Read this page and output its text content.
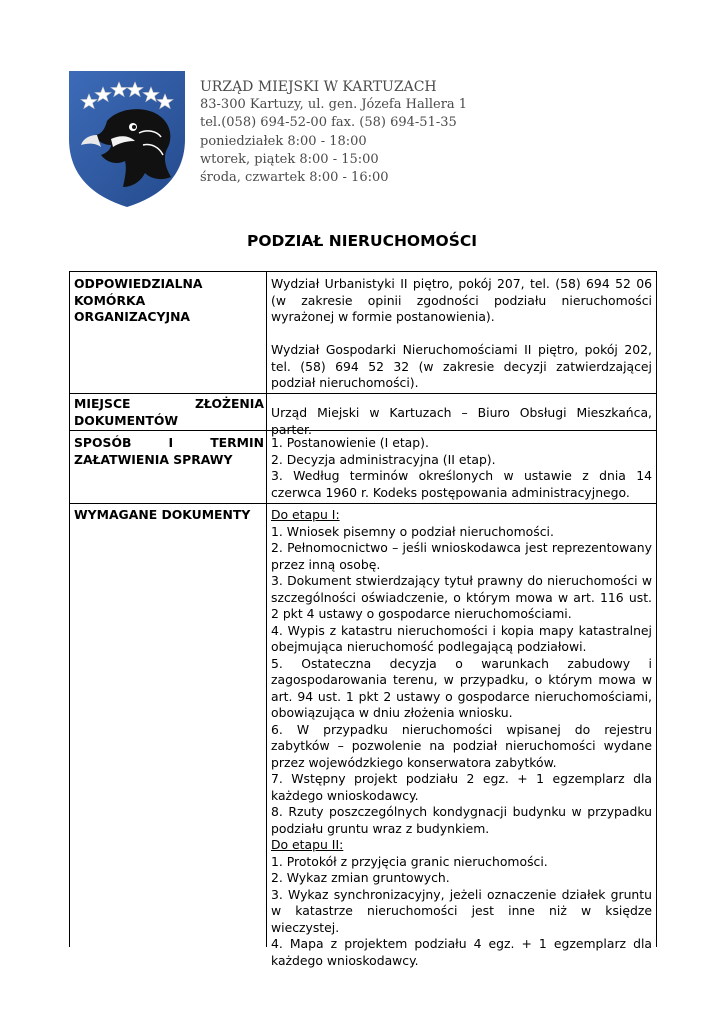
URZĄD MIEJSKI W KARTUZACH
83-300 Kartuzy, ul. gen. Józefa Hallera 1
tel.(058) 694-52-00 fax. (58) 694-51-35
poniedziałek 8:00 - 18:00
wtorek, piątek 8:00 - 15:00
środa, czwartek 8:00 - 16:00
PODZIAŁ NIERUCHOMOŚCI
ODPOWIEDZIALNA
KOMÓRKA
ORGANIZACYJNA

Wydział Urbanistyki II piętro, pokój 207, tel. (58) 694 52 06 (w zakresie opinii zgodności podziału nieruchomości wyrażonej w formie postanowienia).

Wydział Gospodarki Nieruchomościami II piętro, pokój 202, tel. (58) 694 52 32 (w zakresie decyzji zatwierdzającej podział nieruchomości).

MIEJSCE ZŁOŻENIA
DOKUMENTÓW	Urząd Miejski w Kartuzach – Biuro Obsługi Mieszkańca, parter.

SPOSÓB I TERMIN
ZAŁATWIENIA SPRAWY

1. Postanowienie (I etap).

2. Decyzja administracyjna (II etap).

3. Według terminów określonych w ustawie z dnia 14 czerwca 1960 r. Kodeks postępowania administracyjnego.

WYMAGANE DOKUMENTY	Do etapu I:

1. Wniosek pisemny o podział nieruchomości.

2. Pełnomocnictwo – jeśli wnioskodawca jest reprezentowany przez inną osobę.

3. Dokument stwierdzający tytuł prawny do nieruchomości w szczególności oświadczenie, o którym mowa w art. 116 ust. 2 pkt 4 ustawy o gospodarce nieruchomościami.

4. Wypis z katastru nieruchomości i kopia mapy katastralnej obejmująca nieruchomość podlegającą podziałowi.

5. Ostateczna decyzja o warunkach zabudowy i zagospodarowania terenu, w przypadku, o którym mowa w art. 94 ust. 1 pkt 2 ustawy o gospodarce nieruchomościami, obowiązująca w dniu złożenia wniosku.

6. W przypadku nieruchomości wpisanej do rejestru zabytków – pozwolenie na podział nieruchomości wydane przez wojewódzkiego konserwatora zabytków.

7. Wstępny projekt podziału 2 egz. + 1 egzemplarz dla każdego wnioskodawcy.

8. Rzuty poszczególnych kondygnacji budynku w przypadku podziału gruntu wraz z budynkiem.

Do etapu II:

1. Protokół z przyjęcia granic nieruchomości.

2. Wykaz zmian gruntowych.

3. Wykaz synchronizacyjny, jeżeli oznaczenie działek gruntu w katastrze nieruchomości jest inne niż w księdze wieczystej.

4. Mapa z projektem podziału 4 egz. + 1 egzemplarz dla każdego wnioskodawcy.
